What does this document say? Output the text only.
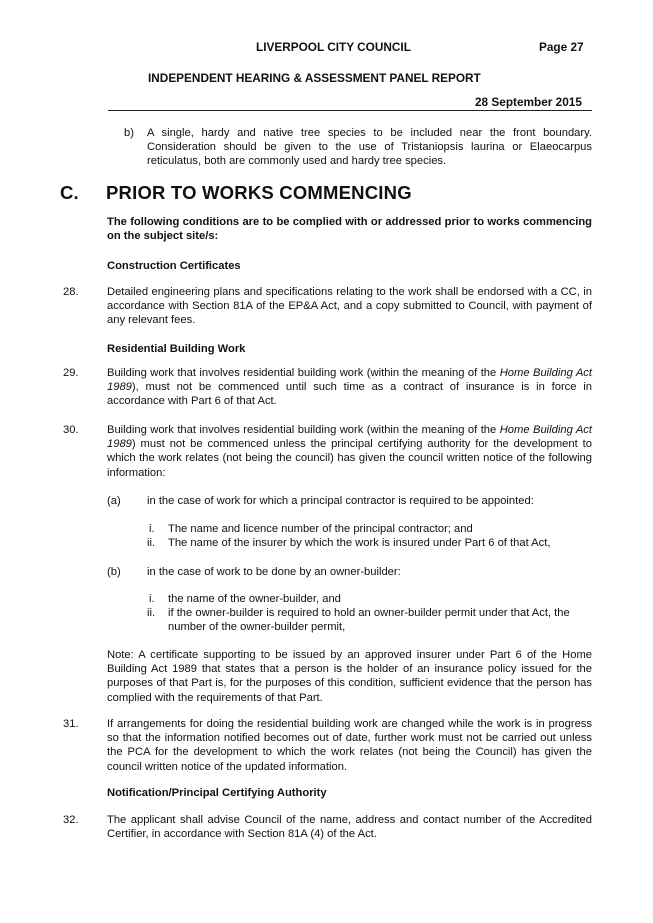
LIVERPOOL CITY COUNCIL	Page 27
INDEPENDENT HEARING & ASSESSMENT PANEL REPORT
28 September 2015
b) A single, hardy and native tree species to be included near the front boundary. Consideration should be given to the use of Tristaniopsis laurina or Elaeocarpus reticulatus, both are commonly used and hardy tree species.
C. PRIOR TO WORKS COMMENCING
The following conditions are to be complied with or addressed prior to works commencing on the subject site/s:
Construction Certificates
28.	Detailed engineering plans and specifications relating to the work shall be endorsed with a CC, in accordance with Section 81A of the EP&A Act, and a copy submitted to Council, with payment of any relevant fees.
Residential Building Work
29.	Building work that involves residential building work (within the meaning of the Home Building Act 1989), must not be commenced until such time as a contract of insurance is in force in accordance with Part 6 of that Act.
30.	Building work that involves residential building work (within the meaning of the Home Building Act 1989) must not be commenced unless the principal certifying authority for the development to which the work relates (not being the council) has given the council written notice of the following information:
(a) in the case of work for which a principal contractor is required to be appointed:
i. The name and licence number of the principal contractor; and
ii. The name of the insurer by which the work is insured under Part 6 of that Act,
(b) in the case of work to be done by an owner-builder:
i. the name of the owner-builder, and
ii. if the owner-builder is required to hold an owner-builder permit under that Act, the number of the owner-builder permit,
Note: A certificate supporting to be issued by an approved insurer under Part 6 of the Home Building Act 1989 that states that a person is the holder of an insurance policy issued for the purposes of that Part is, for the purposes of this condition, sufficient evidence that the person has complied with the requirements of that Part.
31.	If arrangements for doing the residential building work are changed while the work is in progress so that the information notified becomes out of date, further work must not be carried out unless the PCA for the development to which the work relates (not being the Council) has given the council written notice of the updated information.
Notification/Principal Certifying Authority
32.	The applicant shall advise Council of the name, address and contact number of the Accredited Certifier, in accordance with Section 81A (4) of the Act.
